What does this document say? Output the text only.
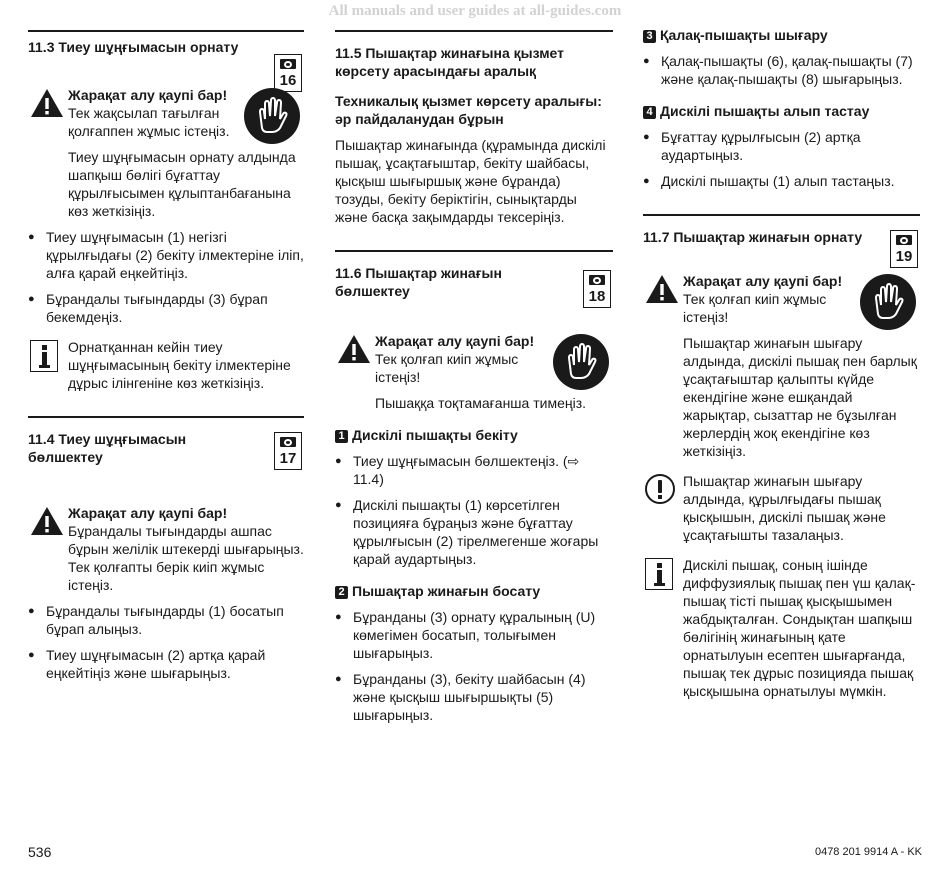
All manuals and user guides at all-guides.com
11.3 Тиеу шұңғымасын орнату
16
Жарақат алу қаупі бар!

Тек жақсылап тағылған қолғаппен жұмыс істеңіз.

Тиеу шұңғымасын орнату алдында шапқыш бөлігі бұғаттау құрылғысымен құлыптанбағанына көз жеткізіңіз.

● Тиеу шұңғымасын (1) негізгі құрылғыдағы (2) бекіту ілмектеріне іліп, алға қарай еңкейтіңіз.
● Бұрандалы тығындарды (3) бұрап бекемдеңіз.

Орнатқаннан кейін тиеу шұңғымасының бекіту ілмектеріне дұрыс ілінгеніне көз жеткізіңіз.

11.4 Тиеу шұңғымасын бөлшектеу	17
Жарақат алу қаупі бар!

Бұрандалы тығындарды ашпас бұрын желілік штекерді шығарыңыз. Тек қолғапты берік киіп жұмыс істеңіз.

● Бұрандалы тығындарды (1) босатып бұрап алыңыз.
● Тиеу шұңғымасын (2) артқа қарай еңкейтіңіз және шығарыңыз.
11.5 Пышақтар жинағына қызмет көрсету арасындағы аралық
Техникалық қызмет көрсету аралығы:
әр пайдаланудан бұрын

Пышақтар жинағында (құрамында дискілі пышақ, ұсақтағыштар, бекіту шайбасы, қысқыш шығыршық және бұранда) тозуды, бекіту беріктігін, сынықтарды және басқа зақымдарды тексеріңіз.

11.6 Пышақтар жинағын бөлшектеу	18
Жарақат алу қаупі бар!

Тек қолғап киіп жұмыс істеңіз!

Пышаққа тоқтамағанша тимеңіз.

1 Дискілі пышақты бекіту
● Тиеу шұңғымасын бөлшектеңіз. (⇨ 11.4)
● Дискілі пышақты (1) көрсетілген позицияға бұраңыз және бұғаттау құрылғысын (2) тірелмегенше жоғары қарай аудартыңыз.
2 Пышақтар жинағын босату
● Бұранданы (3) орнату құралының (U) көмегімен босатып, толығымен шығарыңыз.
● Бұранданы (3), бекіту шайбасын (4) және қысқыш шығыршықты (5) шығарыңыз.
3 Қалақ-пышақты шығару
● Қалақ-пышақты (6), қалақ-пышақты (7) және қалақ-пышақты (8) шығарыңыз.
4 Дискілі пышақты алып тастау
● Бұғаттау құрылғысын (2) артқа аудартыңыз.
● Дискілі пышақты (1) алып тастаңыз.
11.7 Пышақтар жинағын орнату
19
Жарақат алу қаупі бар!

Тек қолғап киіп жұмыс істеңіз!

Пышақтар жинағын шығару алдында, дискілі пышақ пен барлық ұсақтағыштар қалыпты күйде екендігіне және ешқандай жарықтар, сызаттар не бұзылған жерлердің жоқ екендігіне көз жеткізіңіз.

Пышақтар жинағын шығару алдында, құрылғыдағы пышақ қысқышын, дискілі пышақ және ұсақтағышты тазалаңыз.

Дискілі пышақ, соның ішінде диффузиялық пышақ пен үш қалақ-пышақ тісті пышақ қысқышымен жабдықталған. Сондықтан шапқыш бөлігінің жинағының қате орнатылуын есептен шығарғанда, пышақ тек дұрыс позицияда пышақ қысқышына орнатылуы мүмкін.

536	0478 201 9914 A - KK
